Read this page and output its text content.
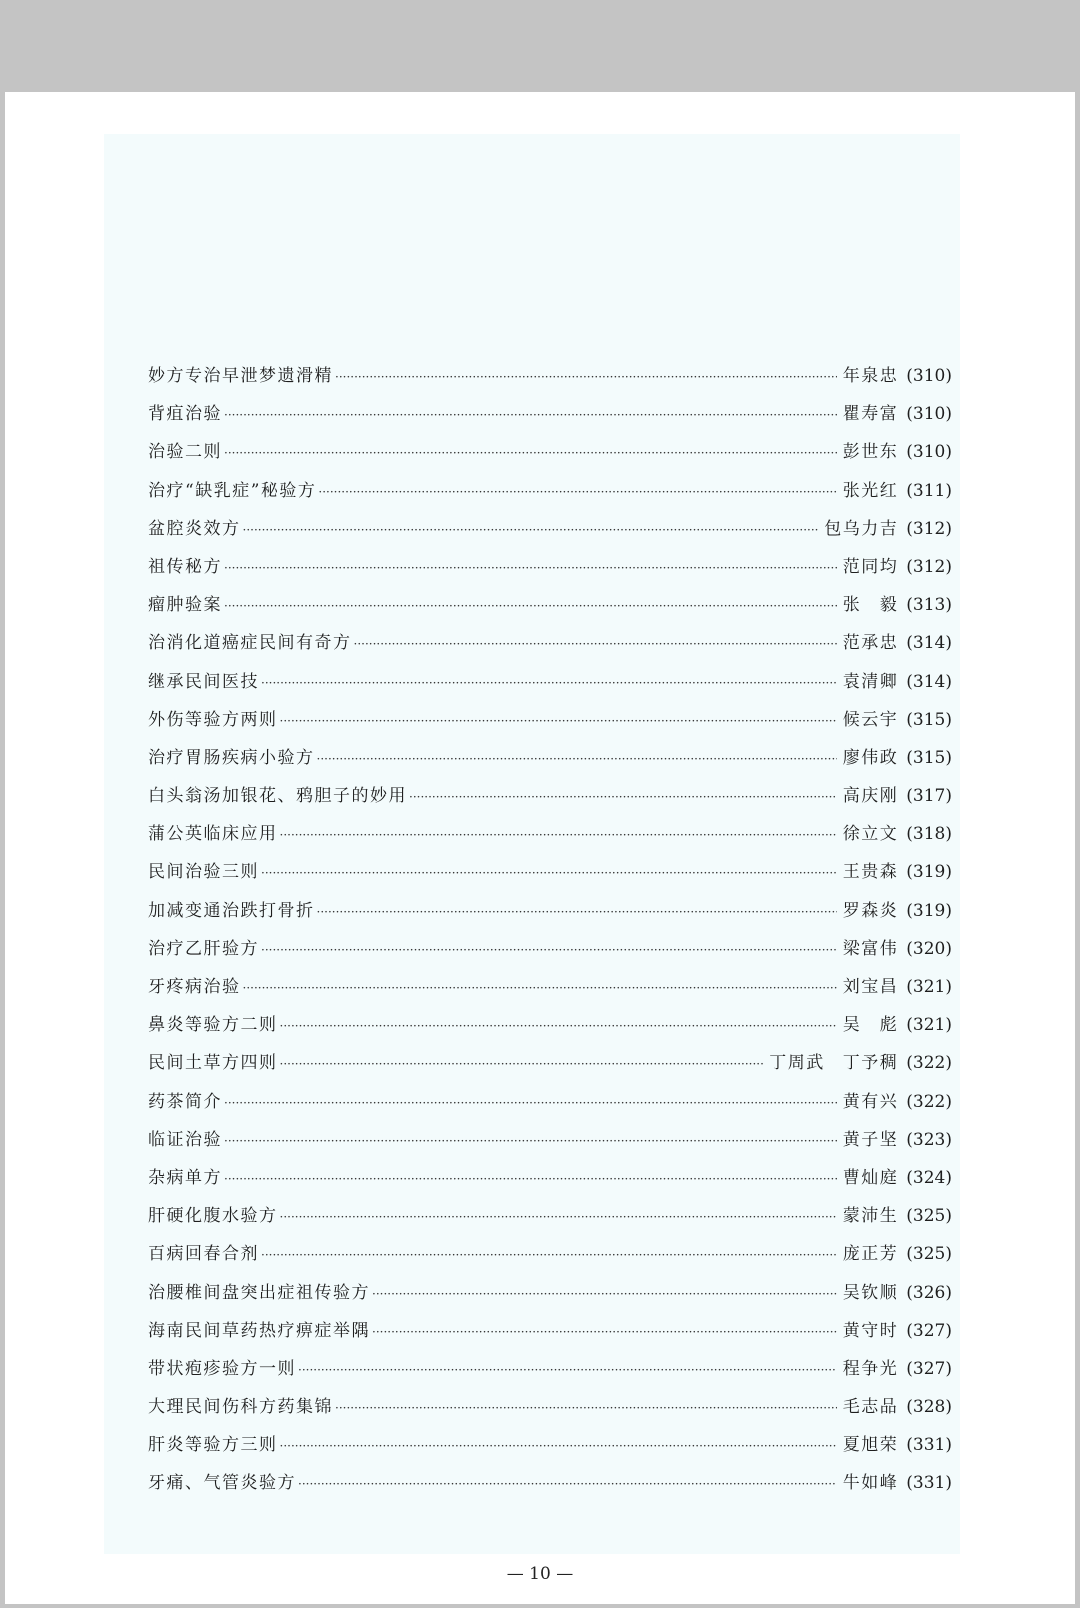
妙方专治早泄梦遗滑精 ·····	年泉忠 (310)
背疽治验 ·····	瞿寿富 (310)
治验二则 ·····	彭世东 (310)
治疗“缺乳症”秘验方 ·····	张光红 (311)
盆腔炎效方 ·····	包乌力吉 (312)
祖传秘方 ·····	范同均 (312)
瘤肿验案 ·····	张　毅 (313)
治消化道癌症民间有奇方 ·····	范承忠 (314)
继承民间医技 ·····	袁清卿 (314)
外伤等验方两则 ·····	候云宇 (315)
治疗胃肠疾病小验方 ·····	廖伟政 (315)
白头翁汤加银花、鸦胆子的妙用 ·····	高庆刚 (317)
蒲公英临床应用 ·····	徐立文 (318)
民间治验三则 ·····	王贵森 (319)
加减变通治跌打骨折 ·····	罗森炎 (319)
治疗乙肝验方 ·····	梁富伟 (320)
牙疼病治验 ·····	刘宝昌 (321)
鼻炎等验方二则 ·····	吴　彪 (321)
民间土草方四则 ·····	丁周武 丁予稠 (322)
药茶简介 ·····	黄有兴 (322)
临证治验 ·····	黄子坚 (323)
杂病单方 ·····	曹灿庭 (324)
肝硬化腹水验方 ·····	蒙沛生 (325)
百病回春合剂 ·····	庞正芳 (325)
治腰椎间盘突出症祖传验方 ·····	吴钦顺 (326)
海南民间草药热疗痹症举隅 ·····	黄守时 (327)
带状疱疹验方一则 ·····	程争光 (327)
大理民间伤科方药集锦 ·····	毛志品 (328)
肝炎等验方三则 ·····	夏旭荣 (331)
牙痛、气管炎验方 ·····	牛如峰 (331)
— 10 —
